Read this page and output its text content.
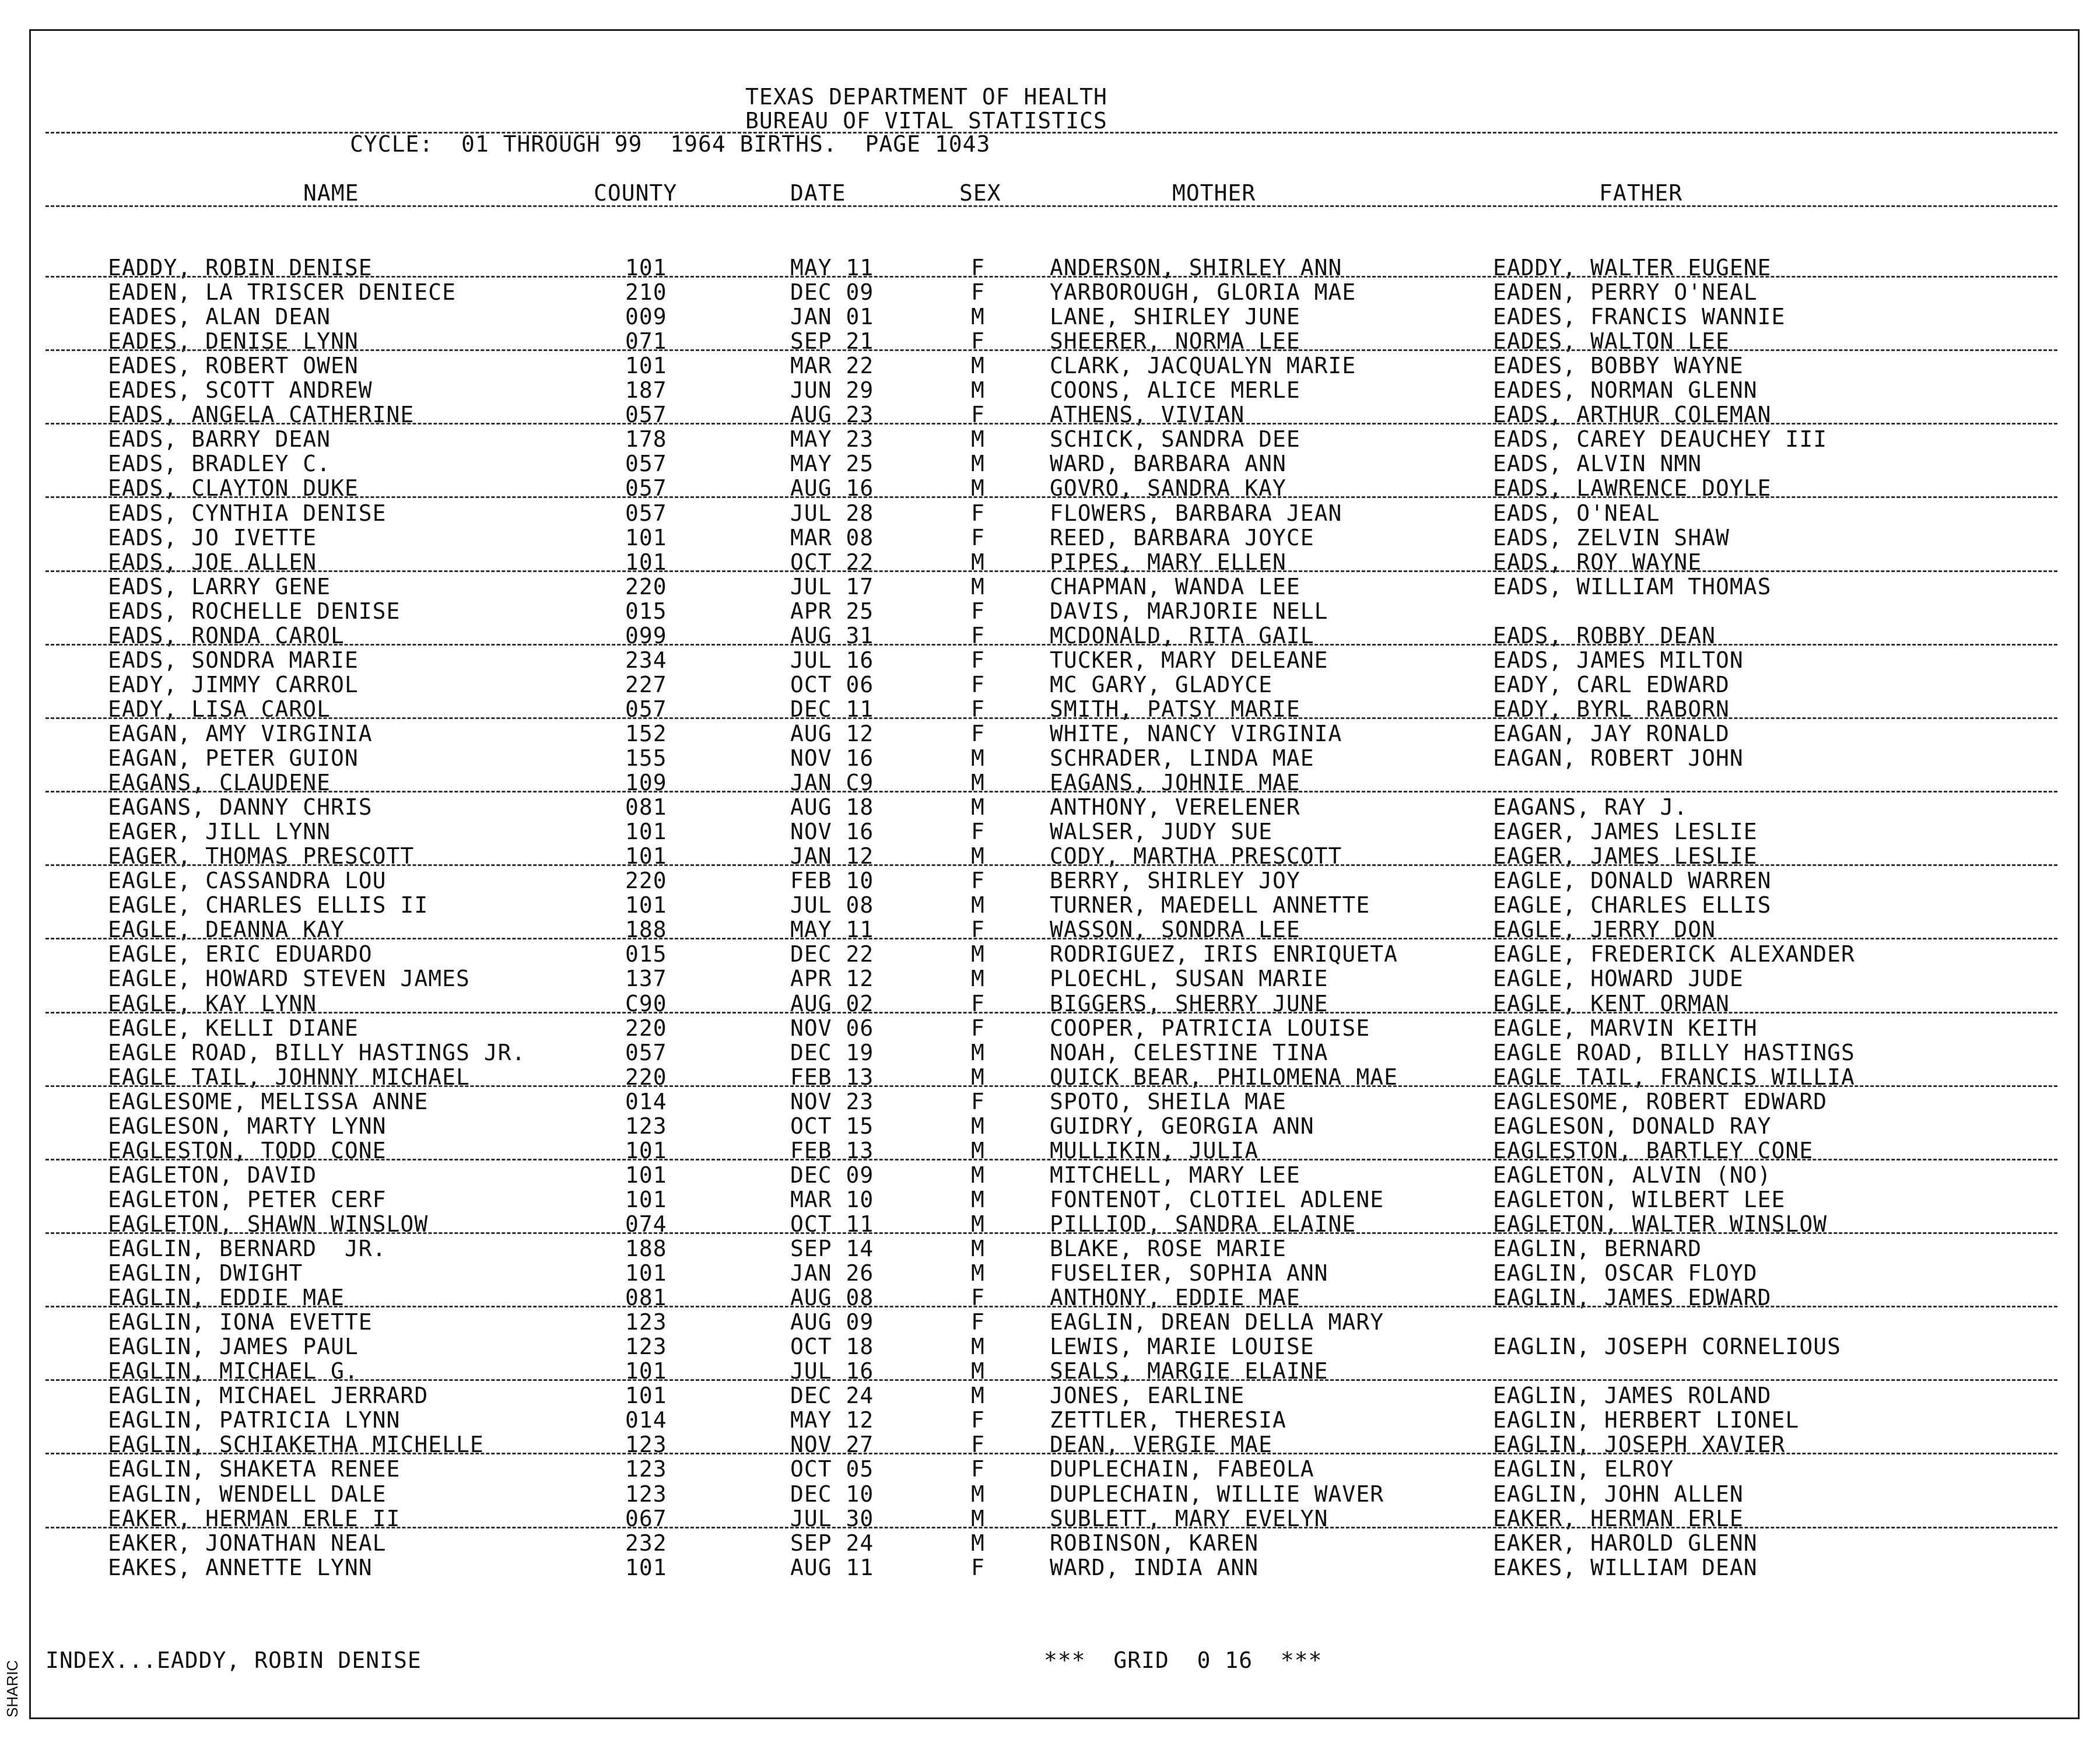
TEXAS DEPARTMENT OF HEALTH
BUREAU OF VITAL STATISTICS
CYCLE:  01 THROUGH 99  1964 BIRTHS.  PAGE 1043
NAME	COUNTY	DATE	SEX	MOTHER	FATHER
EADDY, ROBIN DENISE	101	MAY 11	F	ANDERSON, SHIRLEY ANN	EADDY, WALTER EUGENE
EADEN, LA TRISCER DENIECE	210	DEC 09	F	YARBOROUGH, GLORIA MAE	EADEN, PERRY O'NEAL
EADES, ALAN DEAN	009	JAN 01	M	LANE, SHIRLEY JUNE	EADES, FRANCIS WANNIE
EADES, DENISE LYNN	071	SEP 21	F	SHEERER, NORMA LEE	EADES, WALTON LEE
EADES, ROBERT OWEN	101	MAR 22	M	CLARK, JACQUALYN MARIE	EADES, BOBBY WAYNE
EADES, SCOTT ANDREW	187	JUN 29	M	COONS, ALICE MERLE	EADES, NORMAN GLENN
EADS, ANGELA CATHERINE	057	AUG 23	F	ATHENS, VIVIAN	EADS, ARTHUR COLEMAN
EADS, BARRY DEAN	178	MAY 23	M	SCHICK, SANDRA DEE	EADS, CAREY DEAUCHEY III
EADS, BRADLEY C.	057	MAY 25	M	WARD, BARBARA ANN	EADS, ALVIN NMN
EADS, CLAYTON DUKE	057	AUG 16	M	GOVRO, SANDRA KAY	EADS, LAWRENCE DOYLE
EADS, CYNTHIA DENISE	057	JUL 28	F	FLOWERS, BARBARA JEAN	EADS, O'NEAL
EADS, JO IVETTE	101	MAR 08	F	REED, BARBARA JOYCE	EADS, ZELVIN SHAW
EADS, JOE ALLEN	101	OCT 22	M	PIPES, MARY ELLEN	EADS, ROY WAYNE
EADS, LARRY GENE	220	JUL 17	M	CHAPMAN, WANDA LEE	EADS, WILLIAM THOMAS
EADS, ROCHELLE DENISE	015	APR 25	F	DAVIS, MARJORIE NELL
EADS, RONDA CAROL	099	AUG 31	F	MCDONALD, RITA GAIL	EADS, ROBBY DEAN
EADS, SONDRA MARIE	234	JUL 16	F	TUCKER, MARY DELEANE	EADS, JAMES MILTON
EADY, JIMMY CARROL	227	OCT 06	F	MC GARY, GLADYCE	EADY, CARL EDWARD
EADY, LISA CAROL	057	DEC 11	F	SMITH, PATSY MARIE	EADY, BYRL RABORN
EAGAN, AMY VIRGINIA	152	AUG 12	F	WHITE, NANCY VIRGINIA	EAGAN, JAY RONALD
EAGAN, PETER GUION	155	NOV 16	M	SCHRADER, LINDA MAE	EAGAN, ROBERT JOHN
EAGANS, CLAUDENE	109	JAN C9	M	EAGANS, JOHNIE MAE
EAGANS, DANNY CHRIS	081	AUG 18	M	ANTHONY, VERELENER	EAGANS, RAY J.
EAGER, JILL LYNN	101	NOV 16	F	WALSER, JUDY SUE	EAGER, JAMES LESLIE
EAGER, THOMAS PRESCOTT	101	JAN 12	M	CODY, MARTHA PRESCOTT	EAGER, JAMES LESLIE
EAGLE, CASSANDRA LOU	220	FEB 10	F	BERRY, SHIRLEY JOY	EAGLE, DONALD WARREN
EAGLE, CHARLES ELLIS II	101	JUL 08	M	TURNER, MAEDELL ANNETTE	EAGLE, CHARLES ELLIS
EAGLE, DEANNA KAY	188	MAY 11	F	WASSON, SONDRA LEE	EAGLE, JERRY DON
EAGLE, ERIC EDUARDO	015	DEC 22	M	RODRIGUEZ, IRIS ENRIQUETA	EAGLE, FREDERICK ALEXANDER
EAGLE, HOWARD STEVEN JAMES	137	APR 12	M	PLOECHL, SUSAN MARIE	EAGLE, HOWARD JUDE
EAGLE, KAY LYNN	C90	AUG 02	F	BIGGERS, SHERRY JUNE	EAGLE, KENT ORMAN
EAGLE, KELLI DIANE	220	NOV 06	F	COOPER, PATRICIA LOUISE	EAGLE, MARVIN KEITH
EAGLE ROAD, BILLY HASTINGS JR.	057	DEC 19	M	NOAH, CELESTINE TINA	EAGLE ROAD, BILLY HASTINGS
EAGLE TAIL, JOHNNY MICHAEL	220	FEB 13	M	QUICK BEAR, PHILOMENA MAE	EAGLE TAIL, FRANCIS WILLIA
EAGLESOME, MELISSA ANNE	014	NOV 23	F	SPOTO, SHEILA MAE	EAGLESOME, ROBERT EDWARD
EAGLESON, MARTY LYNN	123	OCT 15	M	GUIDRY, GEORGIA ANN	EAGLESON, DONALD RAY
EAGLESTON, TODD CONE	101	FEB 13	M	MULLIKIN, JULIA	EAGLESTON, BARTLEY CONE
EAGLETON, DAVID	101	DEC 09	M	MITCHELL, MARY LEE	EAGLETON, ALVIN (NO)
EAGLETON, PETER CERF	101	MAR 10	M	FONTENOT, CLOTIEL ADLENE	EAGLETON, WILBERT LEE
EAGLETON, SHAWN WINSLOW	074	OCT 11	M	PILLIOD, SANDRA ELAINE	EAGLETON, WALTER WINSLOW
EAGLIN, BERNARD  JR.	188	SEP 14	M	BLAKE, ROSE MARIE	EAGLIN, BERNARD
EAGLIN, DWIGHT	101	JAN 26	M	FUSELIER, SOPHIA ANN	EAGLIN, OSCAR FLOYD
EAGLIN, EDDIE MAE	081	AUG 08	F	ANTHONY, EDDIE MAE	EAGLIN, JAMES EDWARD
EAGLIN, IONA EVETTE	123	AUG 09	F	EAGLIN, DREAN DELLA MARY
EAGLIN, JAMES PAUL	123	OCT 18	M	LEWIS, MARIE LOUISE	EAGLIN, JOSEPH CORNELIOUS
EAGLIN, MICHAEL G.	101	JUL 16	M	SEALS, MARGIE ELAINE
EAGLIN, MICHAEL JERRARD	101	DEC 24	M	JONES, EARLINE	EAGLIN, JAMES ROLAND
EAGLIN, PATRICIA LYNN	014	MAY 12	F	ZETTLER, THERESIA	EAGLIN, HERBERT LIONEL
EAGLIN, SCHIAKETHA MICHELLE	123	NOV 27	F	DEAN, VERGIE MAE	EAGLIN, JOSEPH XAVIER
EAGLIN, SHAKETA RENEE	123	OCT 05	F	DUPLECHAIN, FABEOLA	EAGLIN, ELROY
EAGLIN, WENDELL DALE	123	DEC 10	M	DUPLECHAIN, WILLIE WAVER	EAGLIN, JOHN ALLEN
EAKER, HERMAN ERLE II	067	JUL 30	M	SUBLETT, MARY EVELYN	EAKER, HERMAN ERLE
EAKER, JONATHAN NEAL	232	SEP 24	M	ROBINSON, KAREN	EAKER, HAROLD GLENN
EAKES, ANNETTE LYNN	101	AUG 11	F	WARD, INDIA ANN	EAKES, WILLIAM DEAN
INDEX...EADDY, ROBIN DENISE	***  GRID  0 16  ***
SHARIC
